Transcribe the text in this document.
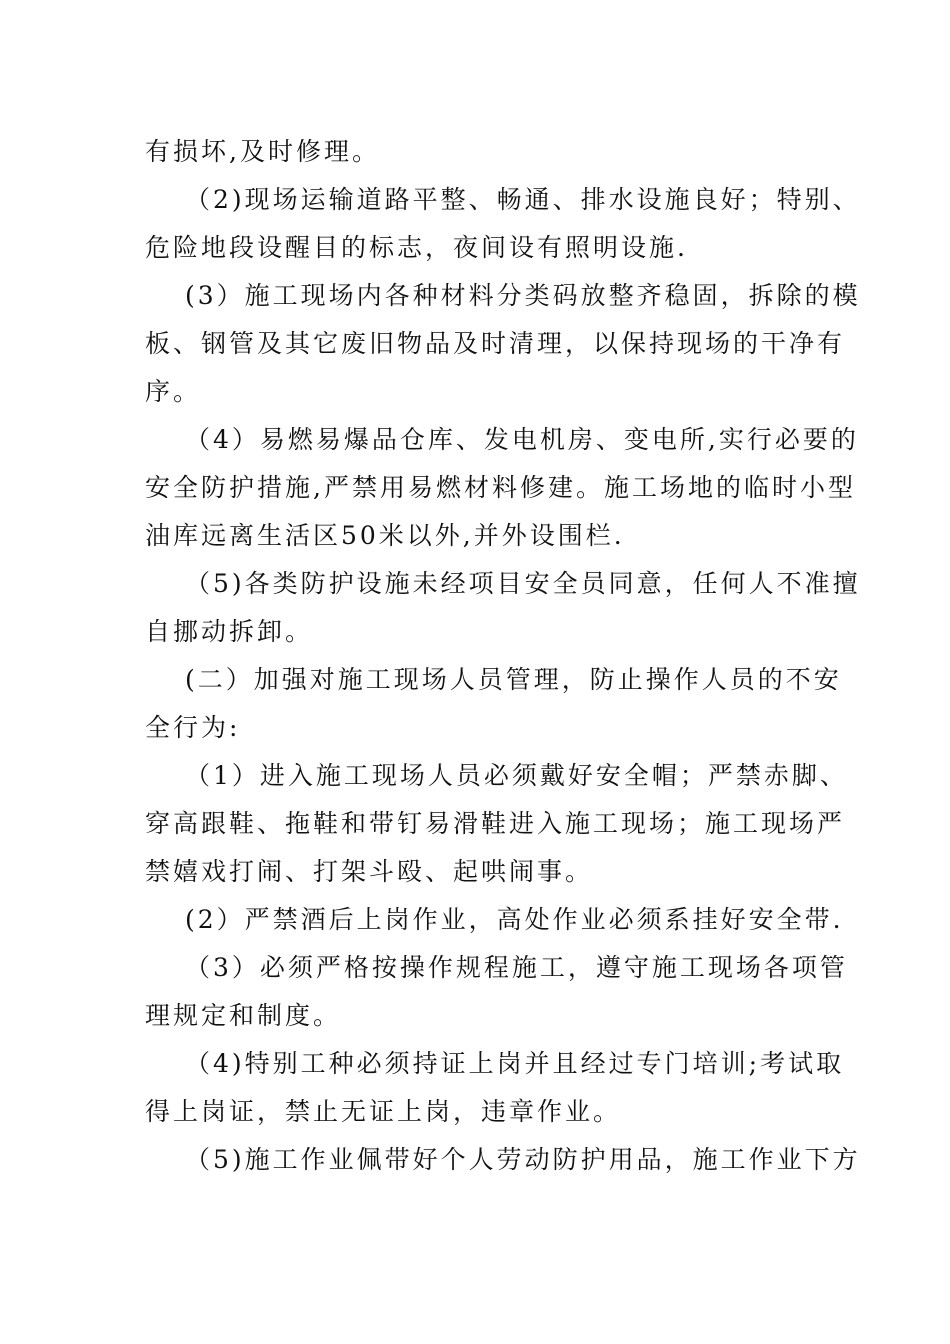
有损坏,及时修理。
（2)现场运输道路平整、畅通、排水设施良好；特别、
危险地段设醒目的标志，夜间设有照明设施.
(3）施工现场内各种材料分类码放整齐稳固，拆除的模
板、钢管及其它废旧物品及时清理，以保持现场的干净有
序。
（4）易燃易爆品仓库、发电机房、变电所,实行必要的
安全防护措施,严禁用易燃材料修建。施工场地的临时小型
油库远离生活区50米以外,并外设围栏.
（5)各类防护设施未经项目安全员同意，任何人不准擅
自挪动拆卸。
(二）加强对施工现场人员管理，防止操作人员的不安
全行为:
（1）进入施工现场人员必须戴好安全帽；严禁赤脚、
穿高跟鞋、拖鞋和带钉易滑鞋进入施工现场；施工现场严
禁嬉戏打闹、打架斗殴、起哄闹事。
(2）严禁酒后上岗作业，高处作业必须系挂好安全带.
（3）必须严格按操作规程施工，遵守施工现场各项管
理规定和制度。
（4)特别工种必须持证上岗并且经过专门培训;考试取
得上岗证，禁止无证上岗，违章作业。
（5)施工作业佩带好个人劳动防护用品，施工作业下方
